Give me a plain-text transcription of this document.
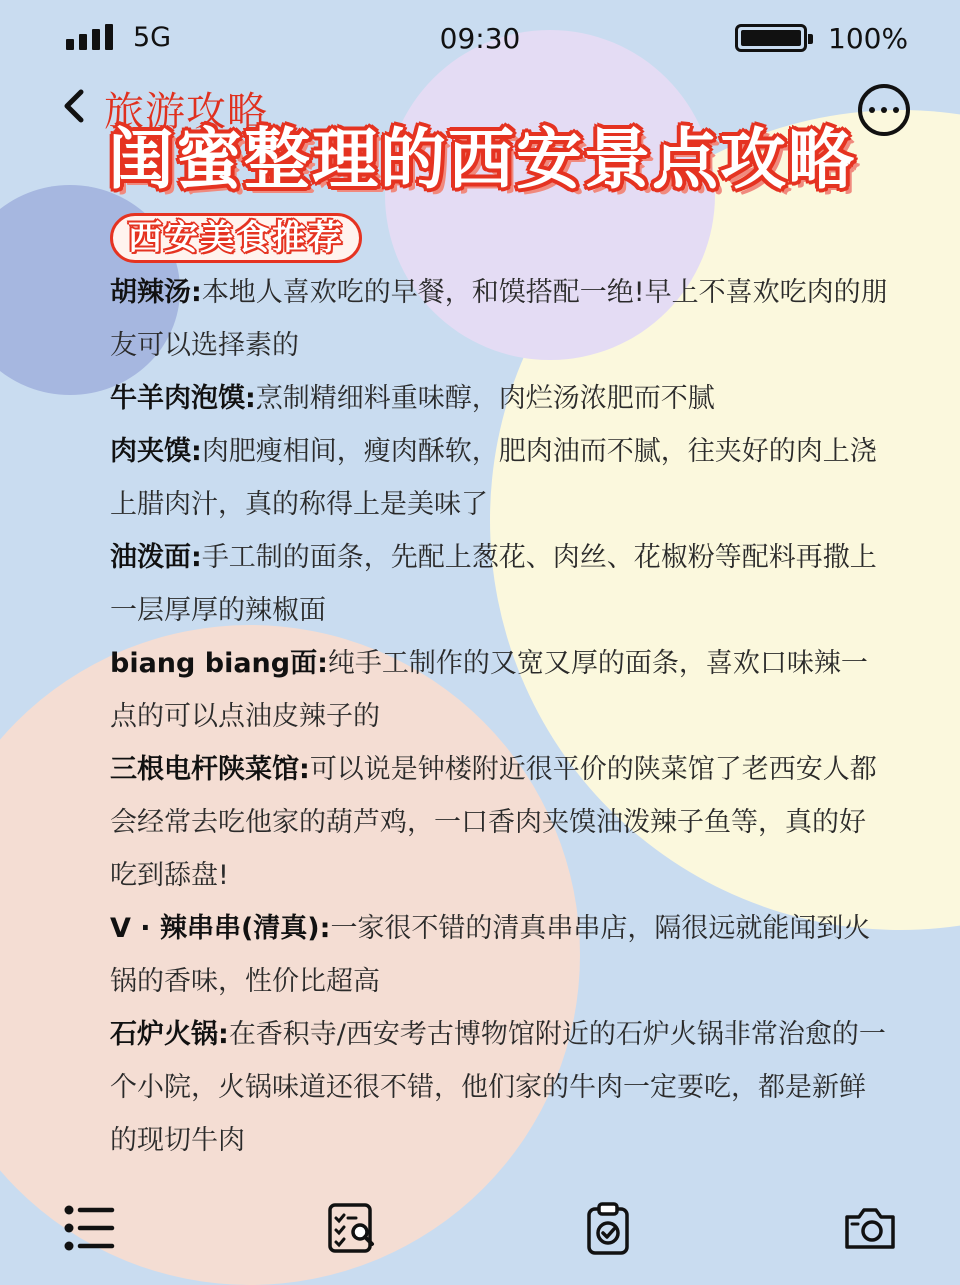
5G	09:30	100%
旅游攻略
闺蜜整理的西安景点攻略
西安美食推荐

胡辣汤:本地人喜欢吃的早餐，和馍搭配一绝!早上不喜欢吃肉的朋友可以选择素的

牛羊肉泡馍:烹制精细料重味醇，肉烂汤浓肥而不腻

肉夹馍:肉肥瘦相间，瘦肉酥软，肥肉油而不腻，往夹好的肉上浇上腊肉汁，真的称得上是美味了

油泼面:手工制的面条，先配上葱花、肉丝、花椒粉等配料再撒上一层厚厚的辣椒面

biang biang面:纯手工制作的又宽又厚的面条，喜欢口味辣一点的可以点油皮辣子的

三根电杆陕菜馆:可以说是钟楼附近很平价的陕菜馆了老西安人都会经常去吃他家的葫芦鸡，一口香肉夹馍油泼辣子鱼等，真的好吃到舔盘!

V · 辣串串(清真):一家很不错的清真串串店，隔很远就能闻到火锅的香味，性价比超高

石炉火锅:在香积寺/西安考古博物馆附近的石炉火锅非常治愈的一个小院，火锅味道还很不错，他们家的牛肉一定要吃，都是新鲜的现切牛肉
